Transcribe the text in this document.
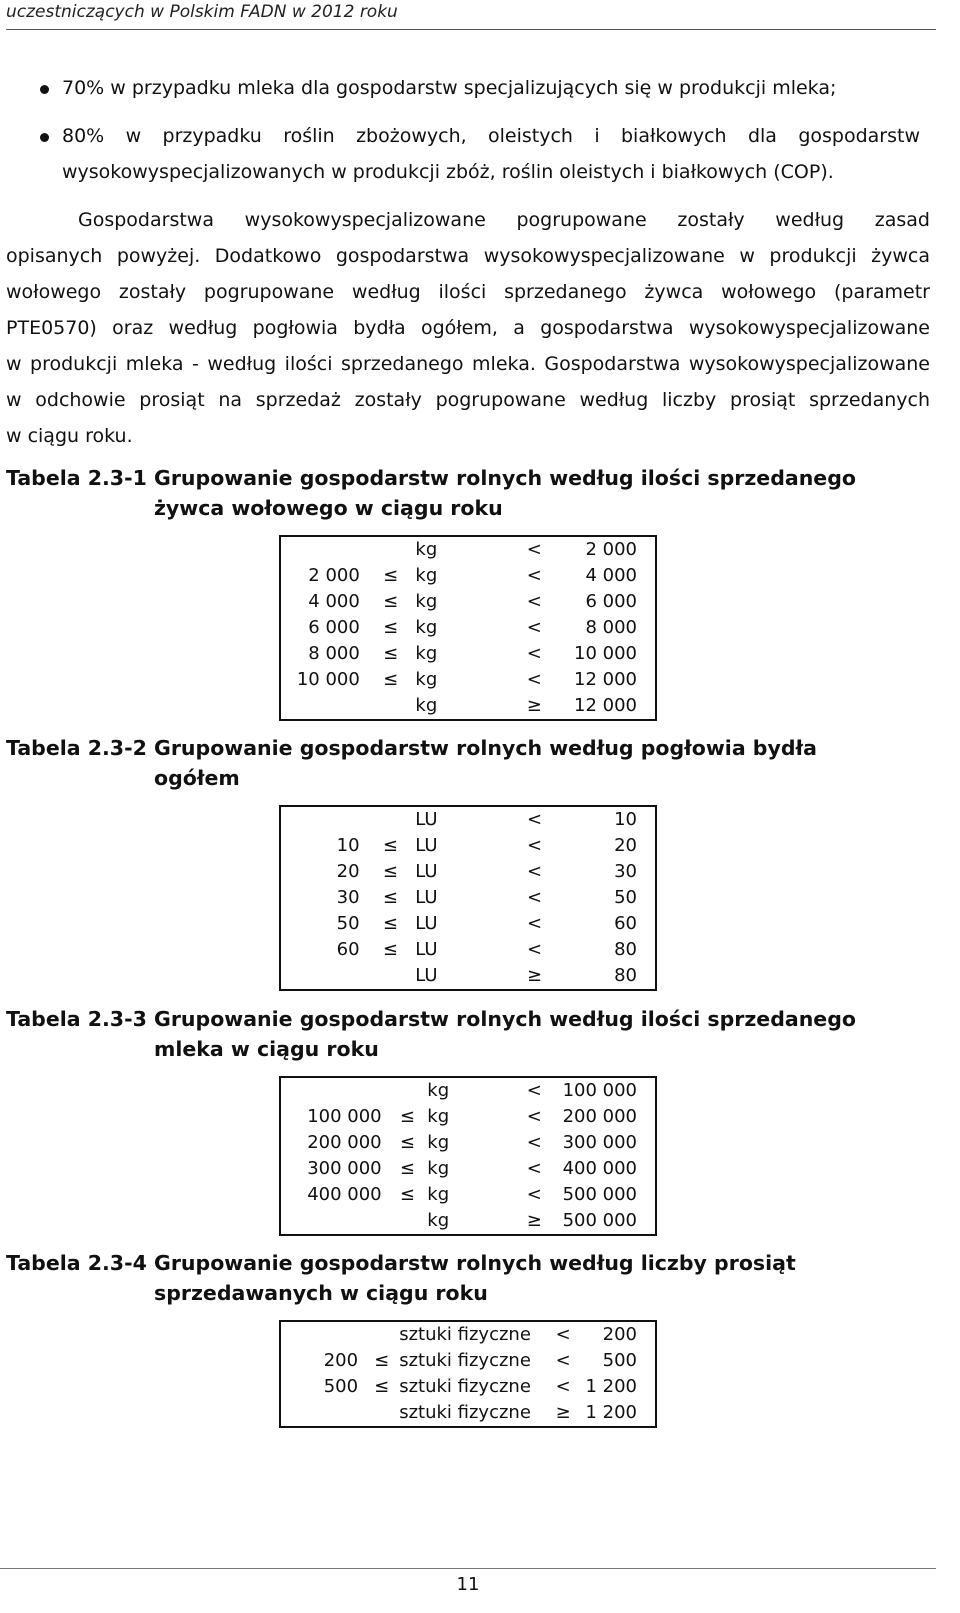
uczestniczących w Polskim FADN w 2012 roku
70% w przypadku mleka dla gospodarstw specjalizujących się w produkcji mleka;
80% w przypadku roślin zbożowych, oleistych i białkowych dla gospodarstw
wysokowyspecjalizowanych w produkcji zbóż, roślin oleistych i białkowych (COP).
Gospodarstwa wysokowyspecjalizowane pogrupowane zostały według zasad
opisanych powyżej. Dodatkowo gospodarstwa wysokowyspecjalizowane w produkcji żywca
wołowego zostały pogrupowane według ilości sprzedanego żywca wołowego (parametr
PTE0570) oraz według pogłowia bydła ogółem, a gospodarstwa wysokowyspecjalizowane
w produkcji mleka - według ilości sprzedanego mleka. Gospodarstwa wysokowyspecjalizowane
w odchowie prosiąt na sprzedaż zostały pogrupowane według liczby prosiąt sprzedanych
w ciągu roku.
Tabela 2.3-1 Grupowanie gospodarstw rolnych według ilości sprzedanego
żywca wołowego w ciągu roku
		kg	<	2 000
2 000	≤	kg	<	4 000
4 000	≤	kg	<	6 000
6 000	≤	kg	<	8 000
8 000	≤	kg	<	10 000
10 000	≤	kg	<	12 000
		kg	≥	12 000
Tabela 2.3-2 Grupowanie gospodarstw rolnych według pogłowia bydła
ogółem
		LU	<	10
10	≤	LU	<	20
20	≤	LU	<	30
30	≤	LU	<	50
50	≤	LU	<	60
60	≤	LU	<	80
		LU	≥	80
Tabela 2.3-3 Grupowanie gospodarstw rolnych według ilości sprzedanego
mleka w ciągu roku
		kg	<	100 000
100 000	≤	kg	<	200 000
200 000	≤	kg	<	300 000
300 000	≤	kg	<	400 000
400 000	≤	kg	<	500 000
		kg	≥	500 000
Tabela 2.3-4 Grupowanie gospodarstw rolnych według liczby prosiąt
sprzedawanych w ciągu roku
		sztuki fizyczne	<	200
200	≤	sztuki fizyczne	<	500
500	≤	sztuki fizyczne	<	1 200
		sztuki fizyczne	≥	1 200
11
